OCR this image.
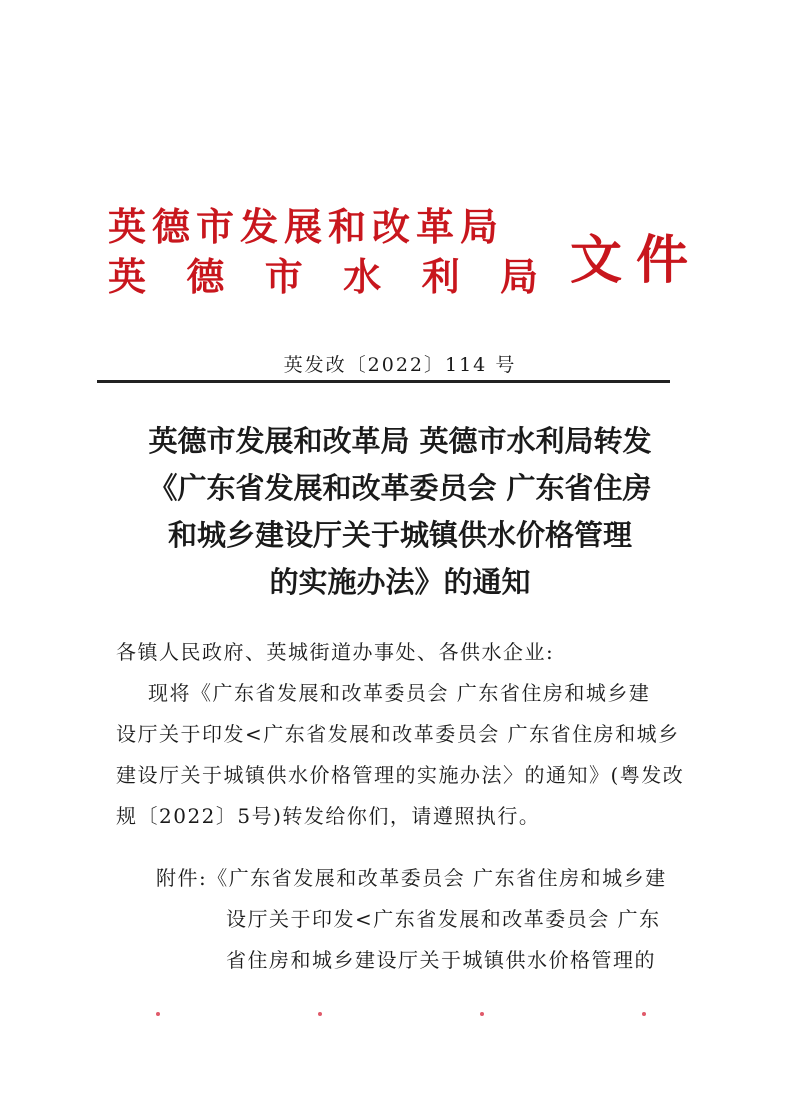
英德市发展和改革局
英 德 市 水 利 局 文件
英发改〔2022〕114 号
英德市发展和改革局 英德市水利局转发
《广东省发展和改革委员会 广东省住房
和城乡建设厅关于城镇供水价格管理
的实施办法》的通知
各镇人民政府、英城街道办事处、各供水企业:
现将《广东省发展和改革委员会 广东省住房和城乡建
设厅关于印发<广东省发展和改革委员会 广东省住房和城乡
建设厅关于城镇供水价格管理的实施办法〉的通知》(粤发改
规〔2022〕5号)转发给你们，请遵照执行。
附件:《广东省发展和改革委员会 广东省住房和城乡建
设厅关于印发<广东省发展和改革委员会 广东
省住房和城乡建设厅关于城镇供水价格管理的
